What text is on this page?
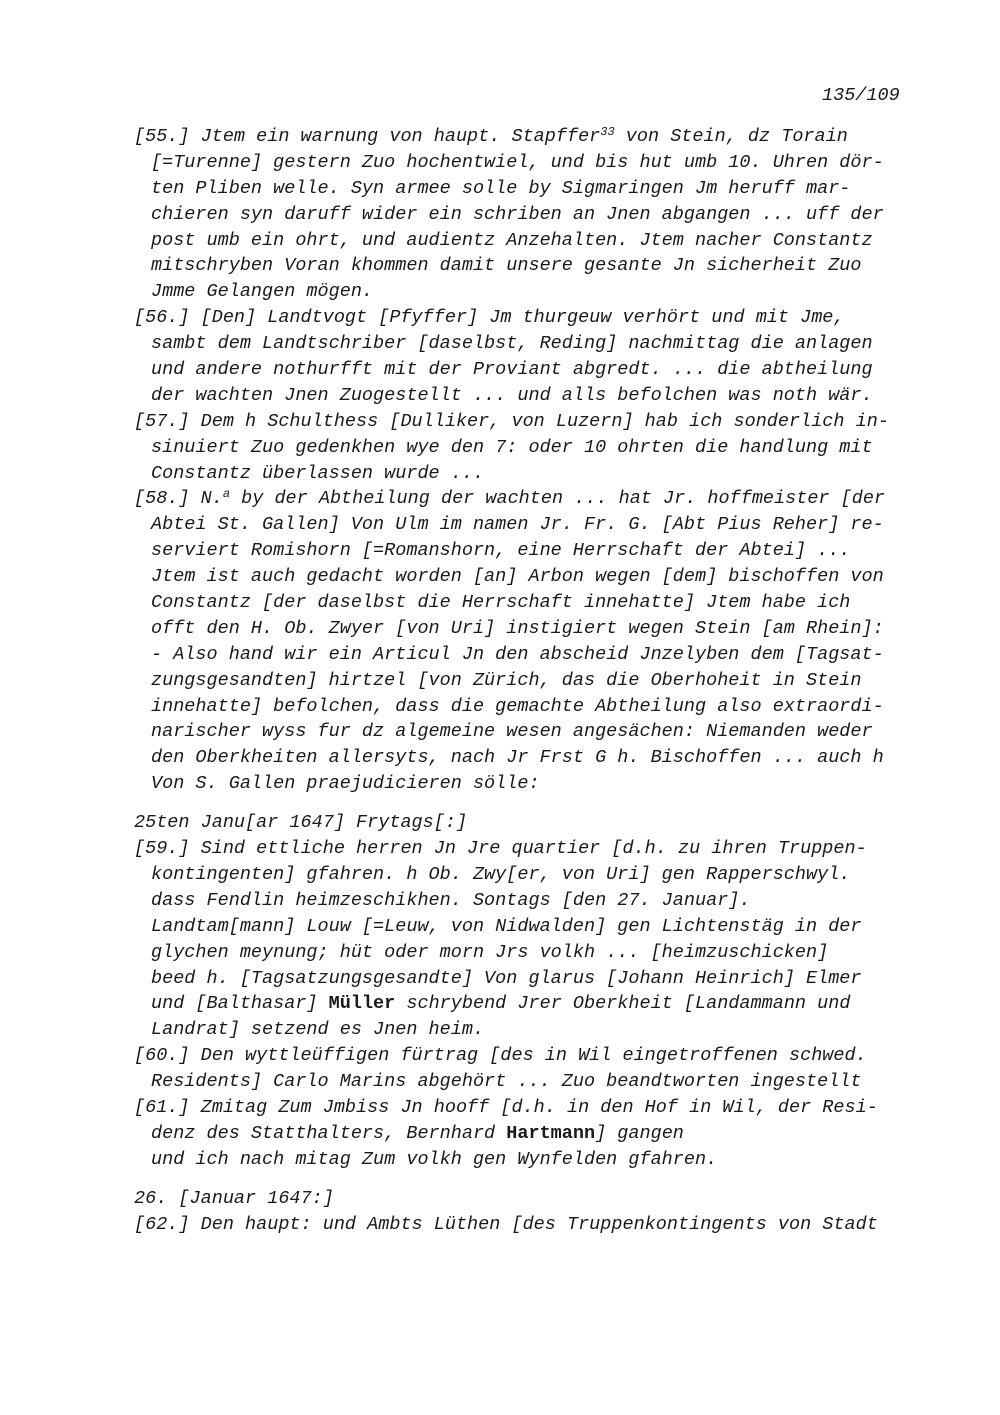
135/109
[55.] Jtem ein warnung von haupt. Stapffer$^{33}$ von Stein, dz Torain
[=Turenne] gestern Zuo hochentwiel, und bis hut umb 10. Uhren dör-
ten Pliben welle. Syn armee solle by Sigmaringen Jm heruff mar-
chieren syn daruff wider ein schriben an Jnen abgangen ... uff der
post umb ein ohrt, und audientz Anzehalten. Jtem nacher Constantz
mitschryben Voran khommen damit unsere gesante Jn sicherheit Zuo
Jmme Gelangen mögen.
[56.] [Den] Landtvogt [Pfyffer] Jm thurgeuw verhört und mit Jme,
sambt dem Landtschriber [daselbst, Reding] nachmittag die anlagen
und andere nothurfft mit der Proviant abgredt. ... die abtheilung
der wachten Jnen Zuogestellt ... und alls befolchen was noth wär.
[57.] Dem h Schulthess [Dulliker, von Luzern] hab ich sonderlich in-
sinuiert Zuo gedenkhen wye den 7: oder 10 ohrten die handlung mit
Constantz überlassen wurde ...
[58.] N.$^a$ by der Abtheilung der wachten ... hat Jr. hoffmeister [der
Abtei St. Gallen] Von Ulm im namen Jr. Fr. G. [Abt Pius Reher] re-
serviert Romishorn [=Romanshorn, eine Herrschaft der Abtei] ...
Jtem ist auch gedacht worden [an] Arbon wegen [dem] bischoffen von
Constantz [der daselbst die Herrschaft innehatte] Jtem habe ich
offt den H. Ob. Zwyer [von Uri] instigiert wegen Stein [am Rhein]:
- Also hand wir ein Articul Jn den abscheid Jnzelyben dem [Tagsat-
zungsgesandten] hirtzel [von Zürich, das die Oberhoheit in Stein
innehatte] befolchen, dass die gemachte Abtheilung also extraordi-
narischer wyss fur dz algemeine wesen angesächen: Niemanden weder
den Oberkheiten allersyts, nach Jr Frst G h. Bischoffen ... auch h
Von S. Gallen praejudicieren sölle:
25ten Janu[ar 1647] Frytags[:]
[59.] Sind ettliche herren Jn Jre quartier [d.h. zu ihren Truppen-
kontingenten] gfahren. h Ob. Zwy[er, von Uri] gen Rapperschwyl.
dass Fendlin heimzeschikhen. Sontags [den 27. Januar].
Landtam[mann] Louw [=Leuw, von Nidwalden] gen Lichtenstäg in der
glychen meynung; hüt oder morn Jrs volkh ... [heimzuschicken]
beed h. [Tagsatzungsgesandte] Von glarus [Johann Heinrich] Elmer
und [Balthasar] Müller schrybend Jrer Oberkheit [Landammann und
Landrat] setzend es Jnen heim.
[60.] Den wyttleüffigen fürtrag [des in Wil eingetroffenen schwed.
Residents] Carlo Marins abgehört ... Zuo beandtworten ingestellt
[61.] Zmitag Zum Jmbiss Jn hooff [d.h. in den Hof in Wil, der Resi-
denz des Statthalters, Bernhard Hartmann] gangen
und ich nach mitag Zum volkh gen Wynfelden gfahren.
26. [Januar 1647:]
[62.] Den haupt: und Ambts Lüthen [des Truppenkontingents von Stadt
